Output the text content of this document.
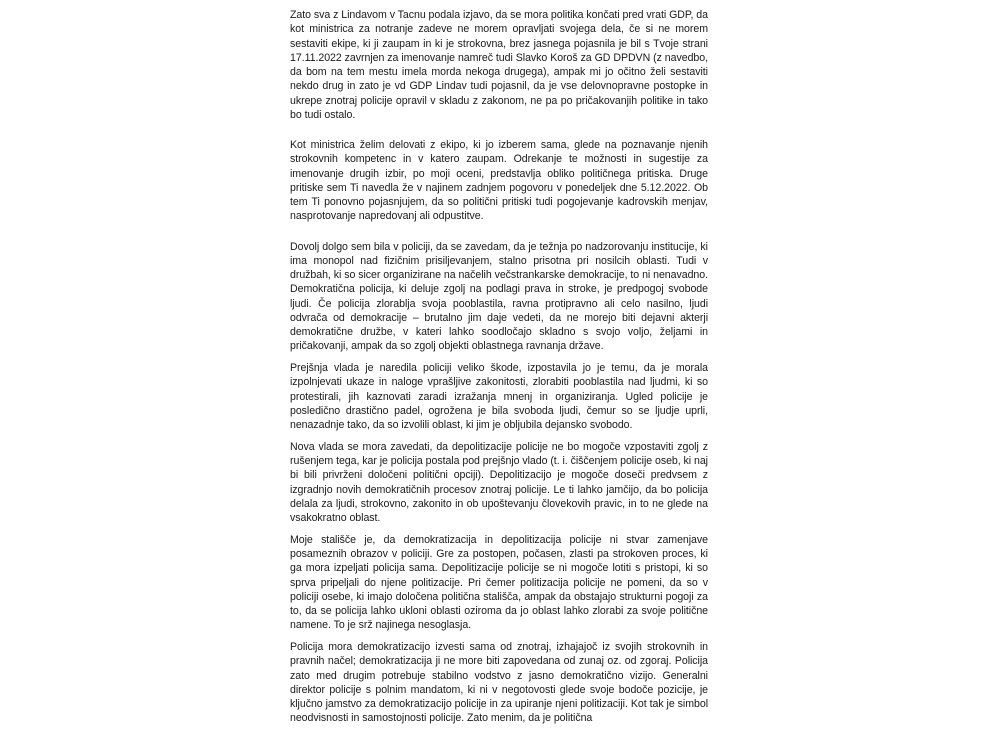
Zato sva z Lindavom v Tacnu podala izjavo, da se mora politika končati pred vrati GDP, da kot ministrica za notranje zadeve ne morem opravljati svojega dela, če si ne morem sestaviti ekipe, ki ji zaupam in ki je strokovna, brez jasnega pojasnila je bil s Tvoje strani 17.11.2022 zavrnjen za imenovanje namreč tudi Slavko Koroš za GD DPDVN (z navedbo, da bom na tem mestu imela morda nekoga drugega), ampak mi jo očitno želi sestaviti nekdo drug in zato je vd GDP Lindav tudi pojasnil, da je vse delovnopravne postopke in ukrepe znotraj policije opravil v skladu z zakonom, ne pa po pričakovanjih politike in tako bo tudi ostalo.

Kot ministrica želim delovati z ekipo, ki jo izberem sama, glede na poznavanje njenih strokovnih kompetenc in v katero zaupam. Odrekanje te možnosti in sugestije za imenovanje drugih izbir, po moji oceni, predstavlja obliko političnega pritiska. Druge pritiske sem Ti navedla že v najinem zadnjem pogovoru v ponedeljek dne 5.12.2022. Ob tem Ti ponovno pojasnjujem, da so politični pritiski tudi pogojevanje kadrovskih menjav, nasprotovanje napredovanj ali odpustitve.

Dovolj dolgo sem bila v policiji, da se zavedam, da je težnja po nadzorovanju institucije, ki ima monopol nad fizičnim prisiljevanjem, stalno prisotna pri nosilcih oblasti. Tudi v družbah, ki so sicer organizirane na načelih večstrankarske demokracije, to ni nenavadno. Demokratična policija, ki deluje zgolj na podlagi prava in stroke, je predpogoj svobode ljudi. Če policija zlorablja svoja pooblastila, ravna protipravno ali celo nasilno, ljudi odvrača od demokracije – brutalno jim daje vedeti, da ne morejo biti dejavni akterji demokratične družbe, v kateri lahko soodločajo skladno s svojo voljo, željami in pričakovanji, ampak da so zgolj objekti oblastnega ravnanja države.

Prejšnja vlada je naredila policiji veliko škode, izpostavila jo je temu, da je morala izpolnjevati ukaze in naloge vprašljive zakonitosti, zlorabiti pooblastila nad ljudmi, ki so protestirali, jih kaznovati zaradi izražanja mnenj in organiziranja. Ugled policije je posledično drastično padel, ogrožena je bila svoboda ljudi, čemur so se ljudje uprli, nenazadnje tako, da so izvolili oblast, ki jim je obljubila dejansko svobodo.

Nova vlada se mora zavedati, da depolitizacije policije ne bo mogoče vzpostaviti zgolj z rušenjem tega, kar je policija postala pod prejšnjo vlado (t. i. čiščenjem policije oseb, ki naj bi bili privrženi določeni politični opciji). Depolitizacijo je mogoče doseči predvsem z izgradnjo novih demokratičnih procesov znotraj policije. Le ti lahko jamčijo, da bo policija delala za ljudi, strokovno, zakonito in ob upoštevanju človekovih pravic, in to ne glede na vsakokratno oblast.

Moje stališče je, da demokratizacija in depolitizacija policije ni stvar zamenjave posameznih obrazov v policiji. Gre za postopen, počasen, zlasti pa strokoven proces, ki ga mora izpeljati policija sama. Depolitizacije policije se ni mogoče lotiti s pristopi, ki so sprva pripeljali do njene politizacije. Pri čemer politizacija policije ne pomeni, da so v policiji osebe, ki imajo določena politična stališča, ampak da obstajajo strukturni pogoji za to, da se policija lahko ukloni oblasti oziroma da jo oblast lahko zlorabi za svoje politične namene. To je srž najinega nesoglasja.

Policija mora demokratizacijo izvesti sama od znotraj, izhajajoč iz svojih strokovnih in pravnih načel; demokratizacija ji ne more biti zapovedana od zunaj oz. od zgoraj. Policija zato med drugim potrebuje stabilno vodstvo z jasno demokratično vizijo. Generalni direktor policije s polnim mandatom, ki ni v negotovosti glede svoje bodoče pozicije, je ključno jamstvo za demokratizacijo policije in za upiranje njeni politizaciji. Kot tak je simbol neodvisnosti in samostojnosti policije. Zato menim, da je politična
